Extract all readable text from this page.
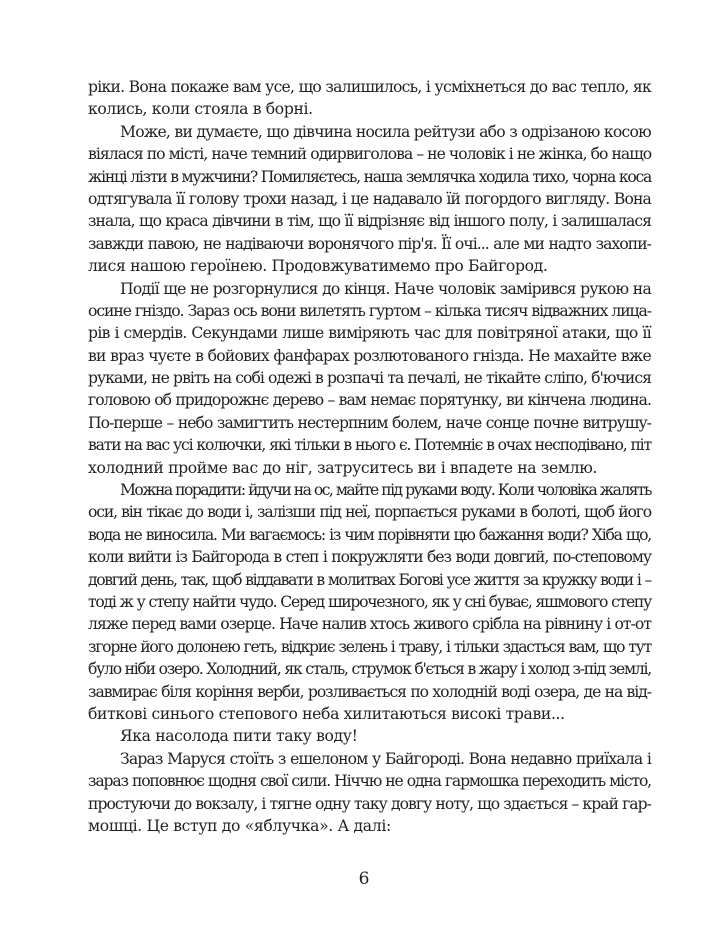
ріки. Вона покаже вам усе, що залишилось, і усміхнеться до вас тепло, як
колись, коли стояла в борні.
Може, ви думаєте, що дівчина носила рейтузи або з одрізаною косою
віялася по місті, наче темний одирвиголова – не чоловік і не жінка, бо нащо
жінці лізти в мужчини? Помиляєтесь, наша землячка ходила тихо, чорна коса
одтягувала її голову трохи назад, і це надавало їй погордого вигляду. Вона
знала, що краса дівчини в тім, що її відрізняє від іншого полу, і залишалася
завжди павою, не надіваючи воронячого пір'я. Її очі... але ми надто захопи-
лися нашою героїнею. Продовжуватимемо про Байгород.
Події ще не розгорнулися до кінця. Наче чоловік замірився рукою на
осине гніздо. Зараз ось вони вилетять гуртом – кілька тисяч відважних лица-
рів і смердів. Секундами лише виміряють час для повітряної атаки, що її
ви враз чуєте в бойових фанфарах розлютованого гнізда. Не махайте вже
руками, не рвіть на собі одежі в розпачі та печалі, не тікайте сліпо, б'ючися
головою об придорожнє дерево – вам немає порятунку, ви кінчена людина.
По-перше – небо замигтить нестерпним болем, наче сонце почне витрушу-
вати на вас усі колючки, які тільки в нього є. Потемніє в очах несподівано, піт
холодний пройме вас до ніг, затруситесь ви і впадете на землю.
Можна порадити: йдучи на ос, майте під руками воду. Коли чоловіка жалять
оси, він тікає до води і, залізши під неї, порпається руками в болоті, щоб його
вода не виносила. Ми вагаємось: із чим порівняти цю бажання води? Хіба що,
коли вийти із Байгорода в степ і покружляти без води довгий, по-степовому
довгий день, так, щоб віддавати в молитвах Богові усе життя за кружку води і –
тоді ж у степу найти чудо. Серед широчезного, як у сні буває, яшмового степу
ляже перед вами озерце. Наче налив хтось живого срібла на рівнину і от-от
згорне його долонею геть, відкриє зелень і траву, і тільки здасться вам, що тут
було ніби озеро. Холодний, як сталь, струмок б'ється в жару і холод з-під землі,
завмирає біля коріння верби, розливається по холодній воді озера, де на від-
биткові синього степового неба хилитаються високі трави...
Яка насолода пити таку воду!
Зараз Маруся стоїть з ешелоном у Байгороді. Вона недавно приїхала і
зараз поповнює щодня свої сили. Ніччю не одна гармошка переходить місто,
простуючи до вокзалу, і тягне одну таку довгу ноту, що здається – край гар-
мошці. Це вступ до «яблучка». А далі:
6
